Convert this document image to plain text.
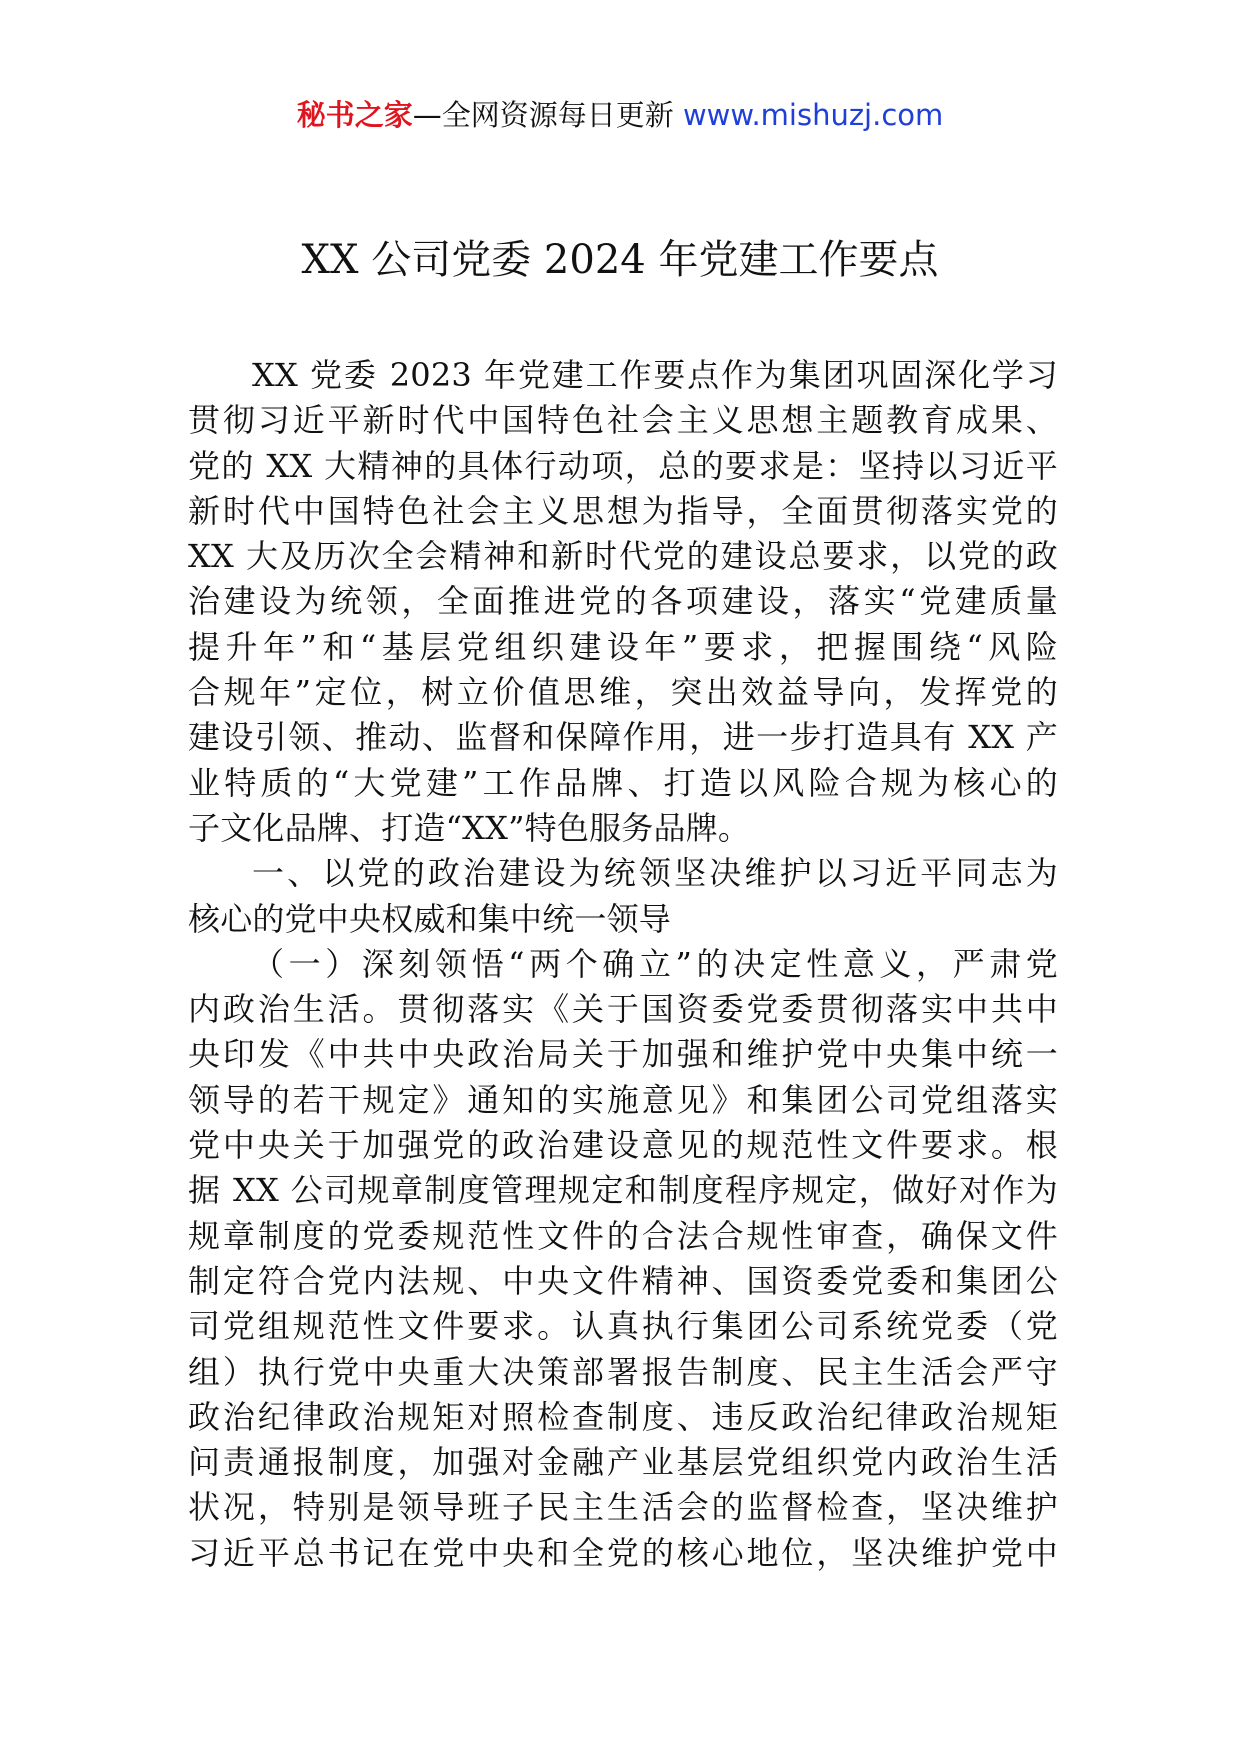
秘书之家—全网资源每日更新 www.mishuzj.com
XX 公司党委 2024 年党建工作要点
XX 党委 2023 年党建工作要点作为集团巩固深化学习
贯彻习近平新时代中国特色社会主义思想主题教育成果、
党的 XX 大精神的具体行动项，总的要求是：坚持以习近平
新时代中国特色社会主义思想为指导，全面贯彻落实党的
XX 大及历次全会精神和新时代党的建设总要求，以党的政
治建设为统领，全面推进党的各项建设，落实“党建质量
提升年”和“基层党组织建设年”要求，把握围绕“风险
合规年”定位，树立价值思维，突出效益导向，发挥党的
建设引领、推动、监督和保障作用，进一步打造具有 XX 产
业特质的“大党建”工作品牌、打造以风险合规为核心的
子文化品牌、打造“XX”特色服务品牌。
一、以党的政治建设为统领坚决维护以习近平同志为
核心的党中央权威和集中统一领导
（一）深刻领悟“两个确立”的决定性意义，严肃党
内政治生活。贯彻落实《关于国资委党委贯彻落实中共中
央印发《中共中央政治局关于加强和维护党中央集中统一
领导的若干规定》通知的实施意见》和集团公司党组落实
党中央关于加强党的政治建设意见的规范性文件要求。根
据 XX 公司规章制度管理规定和制度程序规定，做好对作为
规章制度的党委规范性文件的合法合规性审查，确保文件
制定符合党内法规、中央文件精神、国资委党委和集团公
司党组规范性文件要求。认真执行集团公司系统党委（党
组）执行党中央重大决策部署报告制度、民主生活会严守
政治纪律政治规矩对照检查制度、违反政治纪律政治规矩
问责通报制度，加强对金融产业基层党组织党内政治生活
状况，特别是领导班子民主生活会的监督检查，坚决维护
习近平总书记在党中央和全党的核心地位，坚决维护党中
